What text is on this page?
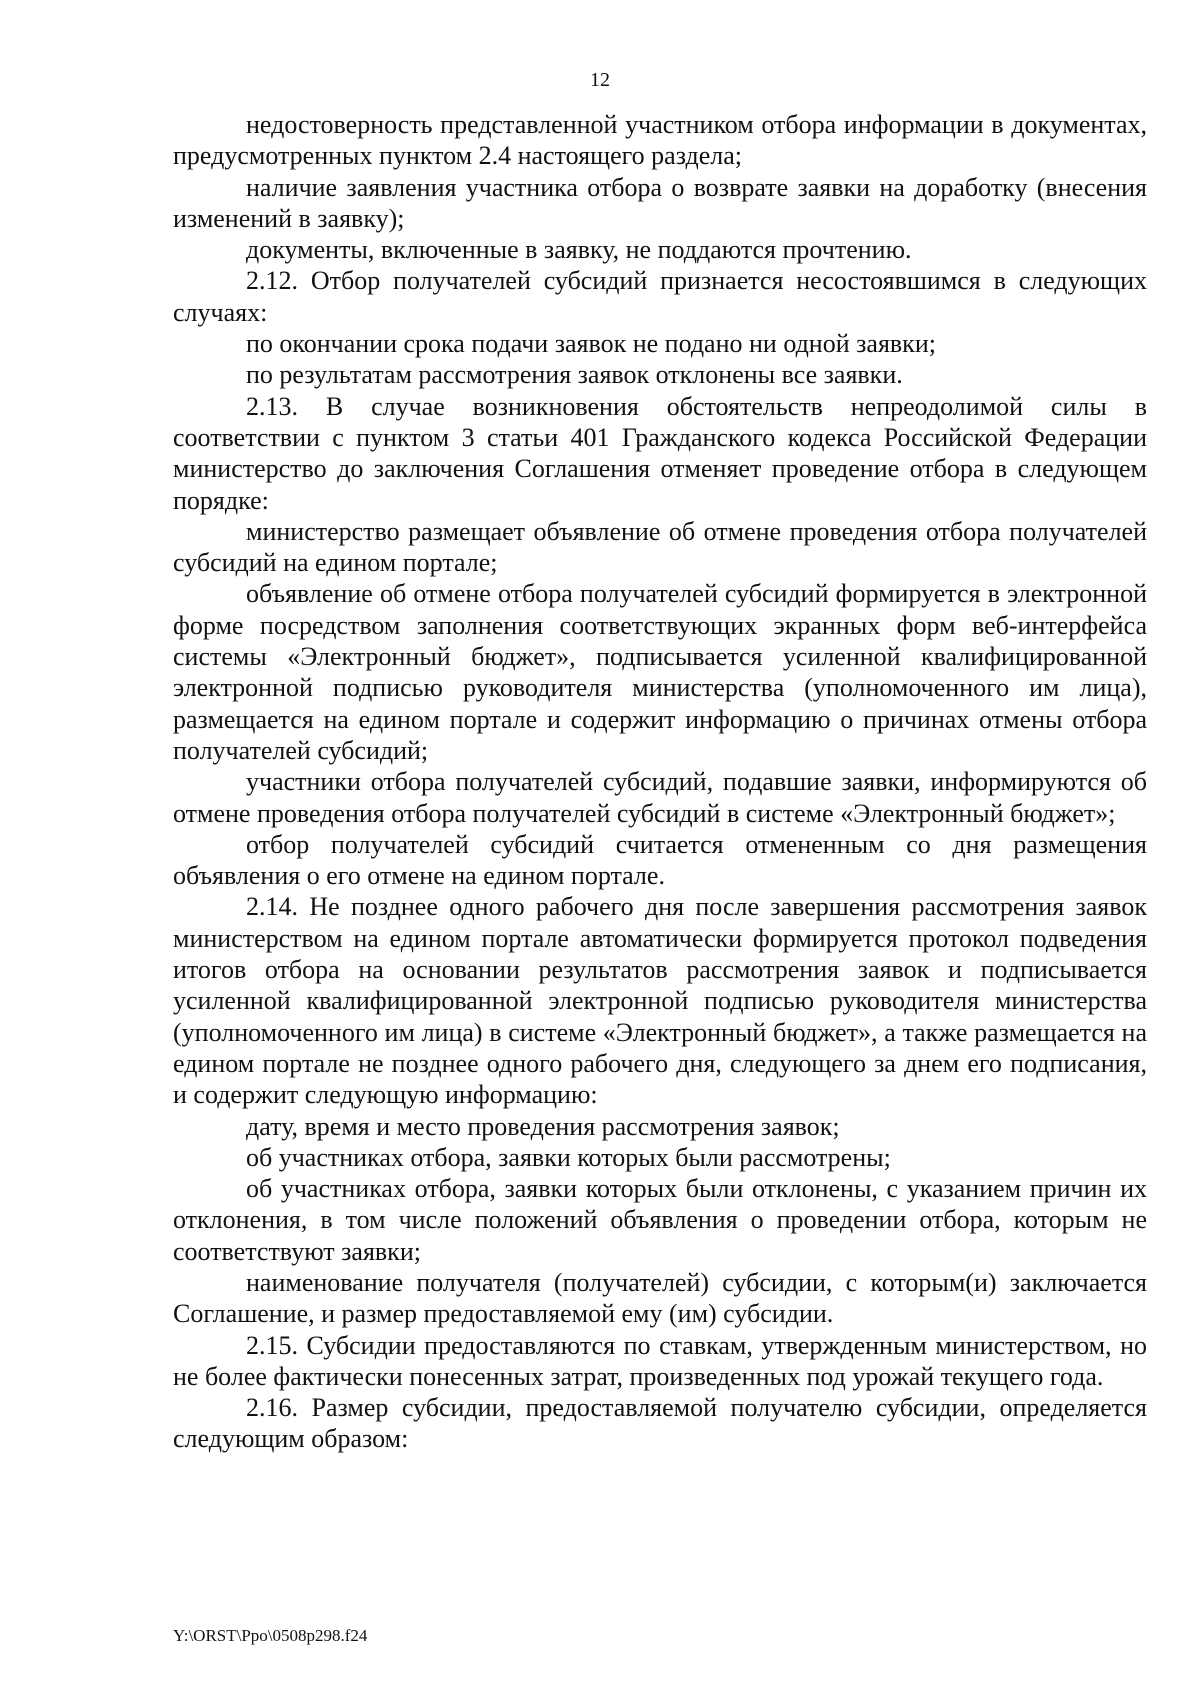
12

недостоверность представленной участником отбора информации в документах, предусмотренных пунктом 2.4 настоящего раздела;

наличие заявления участника отбора о возврате заявки на доработку (внесения изменений в заявку);

документы, включенные в заявку, не поддаются прочтению.

2.12. Отбор получателей субсидий признается несостоявшимся в следующих случаях:

по окончании срока подачи заявок не подано ни одной заявки;

по результатам рассмотрения заявок отклонены все заявки.

2.13. В случае возникновения обстоятельств непреодолимой силы в соответствии с пунктом 3 статьи 401 Гражданского кодекса Российской Федерации министерство до заключения Соглашения отменяет проведение отбора в следующем порядке:

министерство размещает объявление об отмене проведения отбора получателей субсидий на едином портале;

объявление об отмене отбора получателей субсидий формируется в электронной форме посредством заполнения соответствующих экранных форм веб-интерфейса системы «Электронный бюджет», подписывается усиленной квалифицированной электронной подписью руководителя министерства (уполномоченного им лица), размещается на едином портале и содержит информацию о причинах отмены отбора получателей субсидий;

участники отбора получателей субсидий, подавшие заявки, информируются об отмене проведения отбора получателей субсидий в системе «Электронный бюджет»;

отбор получателей субсидий считается отмененным со дня размещения объявления о его отмене на едином портале.

2.14. Не позднее одного рабочего дня после завершения рассмотрения заявок министерством на едином портале автоматически формируется протокол подведения итогов отбора на основании результатов рассмотрения заявок и подписывается усиленной квалифицированной электронной подписью руководителя министерства (уполномоченного им лица) в системе «Электронный бюджет», а также размещается на едином портале не позднее одного рабочего дня, следующего за днем его подписания, и содержит следующую информацию:

дату, время и место проведения рассмотрения заявок;

об участниках отбора, заявки которых были рассмотрены;

об участниках отбора, заявки которых были отклонены, с указанием причин их отклонения, в том числе положений объявления о проведении отбора, которым не соответствуют заявки;

наименование получателя (получателей) субсидии, с которым(и) заключается Соглашение, и размер предоставляемой ему (им) субсидии.

2.15. Субсидии предоставляются по ставкам, утвержденным министерством, но не более фактически понесенных затрат, произведенных под урожай текущего года.

2.16. Размер субсидии, предоставляемой получателю субсидии, определяется следующим образом:

Y:\ORST\Ppo\0508p298.f24
